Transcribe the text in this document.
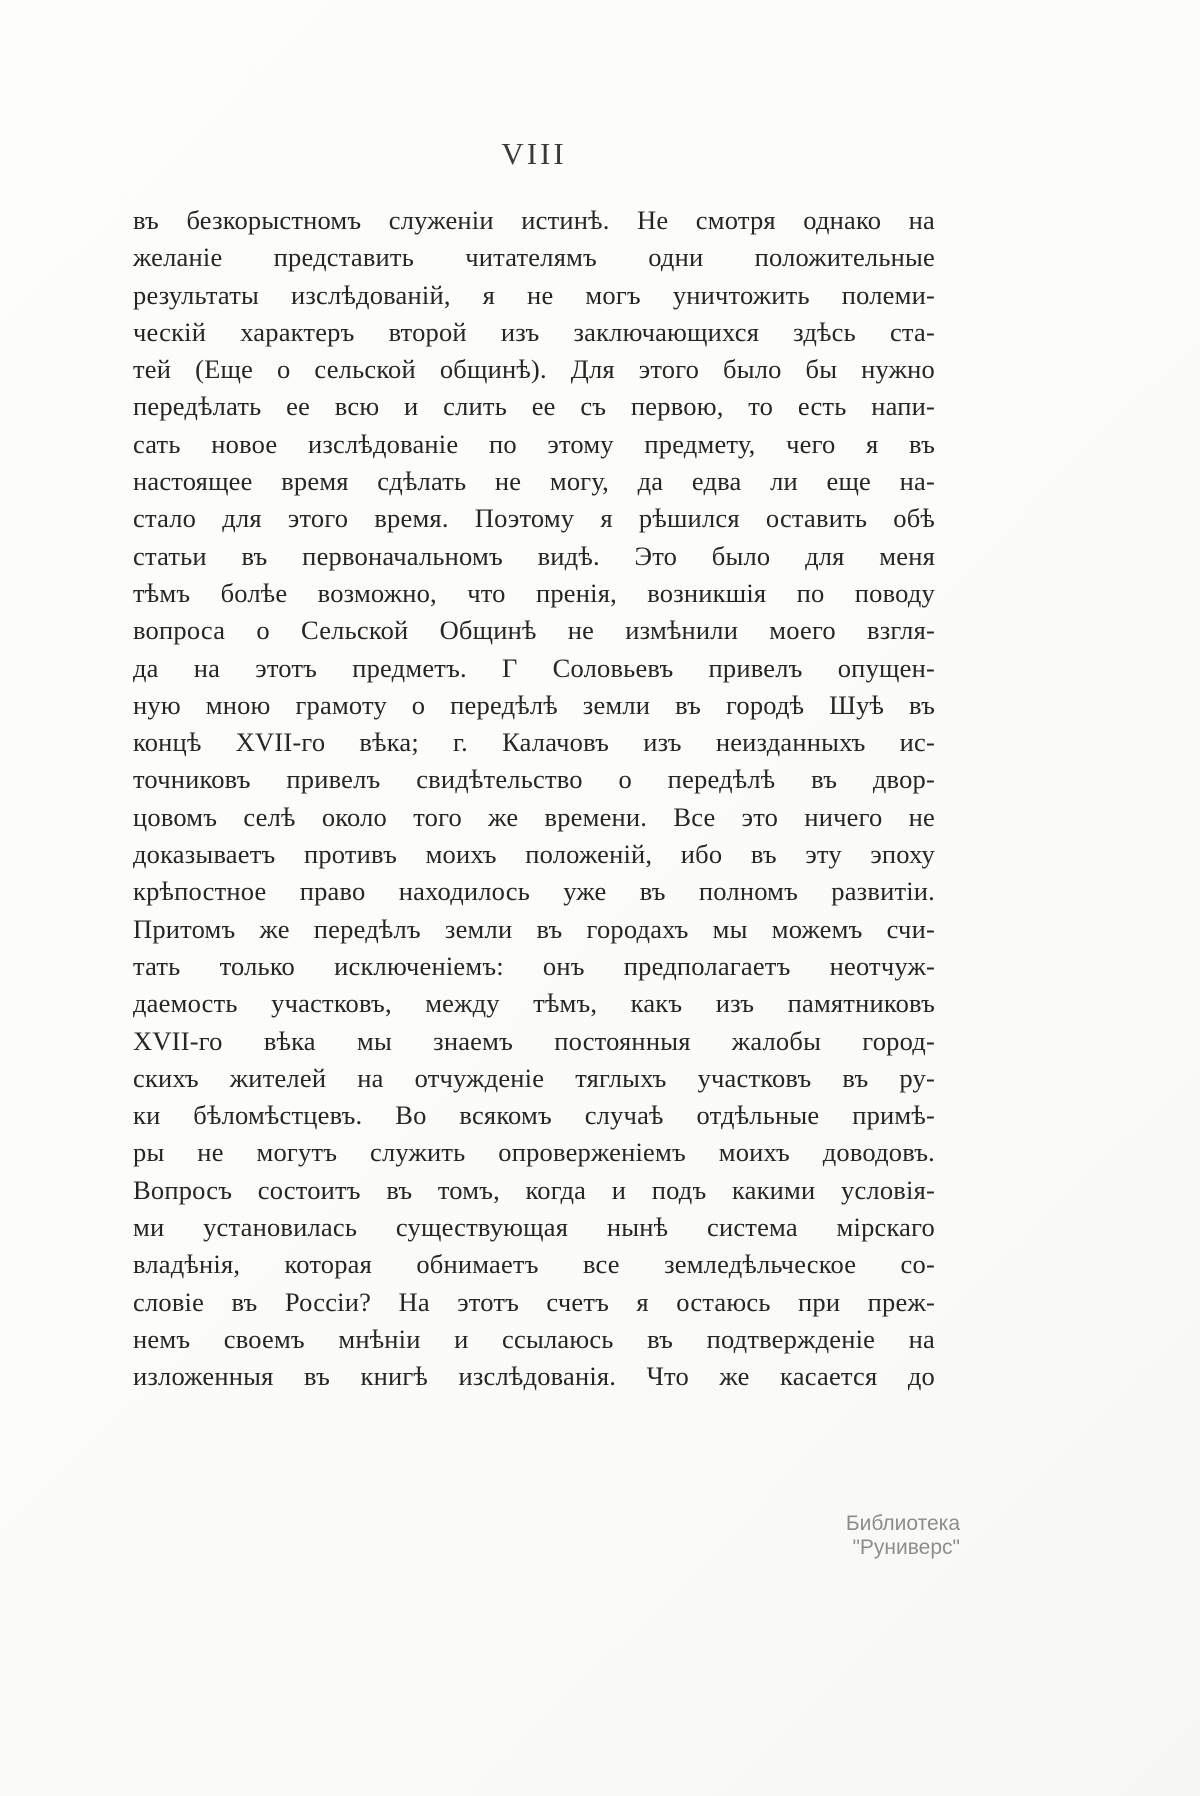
VIII
въ безкорыстномъ служеніи истинѣ. Не смотря однако на
желаніе представить читателямъ одни положительные
результаты изслѣдованій, я не могъ уничтожить полеми-
ческій характеръ второй изъ заключающихся здѣсь ста-
тей (Еще о сельской общинѣ). Для этого было бы нужно
передѣлать ее всю и слить ее съ первою, то есть напи-
сать новое изслѣдованіе по этому предмету, чего я въ
настоящее время сдѣлать не могу, да едва ли еще на-
стало для этого время. Поэтому я рѣшился оставить обѣ
статьи въ первоначальномъ видѣ. Это было для меня
тѣмъ болѣе возможно, что пренія, возникшія по поводу
вопроса о Сельской Общинѣ не измѣнили моего взгля-
да на этотъ предметъ. Г Соловьевъ привелъ опущен-
ную мною грамоту о передѣлѣ земли въ городѣ Шуѣ въ
концѣ XVII-го вѣка; г. Калачовъ изъ неизданныхъ ис-
точниковъ привелъ свидѣтельство о передѣлѣ въ двор-
цовомъ селѣ около того же времени. Все это ничего не
доказываетъ противъ моихъ положеній, ибо въ эту эпоху
крѣпостное право находилось уже въ полномъ развитіи.
Притомъ же передѣлъ земли въ городахъ мы можемъ счи-
тать только исключеніемъ: онъ предполагаетъ неотчуж-
даемость участковъ, между тѣмъ, какъ изъ памятниковъ
XVII-го вѣка мы знаемъ постоянныя жалобы город-
скихъ жителей на отчужденіе тяглыхъ участковъ въ ру-
ки бѣломѣстцевъ. Во всякомъ случаѣ отдѣльные примѣ-
ры не могутъ служить опроверженіемъ моихъ доводовъ.
Вопросъ состоитъ въ томъ, когда и подъ какими условія-
ми установилась существующая нынѣ система мірскаго
владѣнія, которая обнимаетъ все земледѣльческое со-
словіе въ Россіи? На этотъ счетъ я остаюсь при преж-
немъ своемъ мнѣніи и ссылаюсь въ подтвержденіе на
изложенныя въ книгѣ изслѣдованія. Что же касается до
Библиотека "Руниверс"
